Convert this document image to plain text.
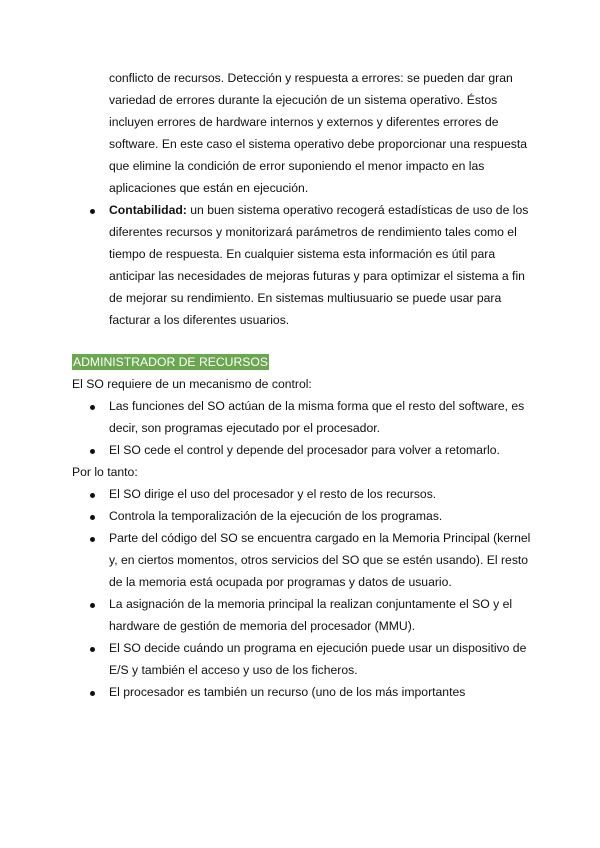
conflicto de recursos. Detección y respuesta a errores: se pueden dar gran
variedad de errores durante la ejecución de un sistema operativo. Éstos
incluyen errores de hardware internos y externos y diferentes errores de
software. En este caso el sistema operativo debe proporcionar una respuesta
que elimine la condición de error suponiendo el menor impacto en las
aplicaciones que están en ejecución.
Contabilidad: un buen sistema operativo recogerá estadísticas de uso de los
diferentes recursos y monitorizará parámetros de rendimiento tales como el
tiempo de respuesta. En cualquier sistema esta información es útil para
anticipar las necesidades de mejoras futuras y para optimizar el sistema a fin
de mejorar su rendimiento. En sistemas multiusuario se puede usar para
facturar a los diferentes usuarios.
ADMINISTRADOR DE RECURSOS
El SO requiere de un mecanismo de control:
Las funciones del SO actúan de la misma forma que el resto del software, es
decir, son programas ejecutado por el procesador.
El SO cede el control y depende del procesador para volver a retomarlo.
Por lo tanto:
El SO dirige el uso del procesador y el resto de los recursos.
Controla la temporalización de la ejecución de los programas.
Parte del código del SO se encuentra cargado en la Memoria Principal (kernel
y, en ciertos momentos, otros servicios del SO que se estén usando). El resto
de la memoria está ocupada por programas y datos de usuario.
La asignación de la memoria principal la realizan conjuntamente el SO y el
hardware de gestión de memoria del procesador (MMU).
El SO decide cuándo un programa en ejecución puede usar un dispositivo de
E/S y también el acceso y uso de los ficheros.
El procesador es también un recurso (uno de los más importantes
